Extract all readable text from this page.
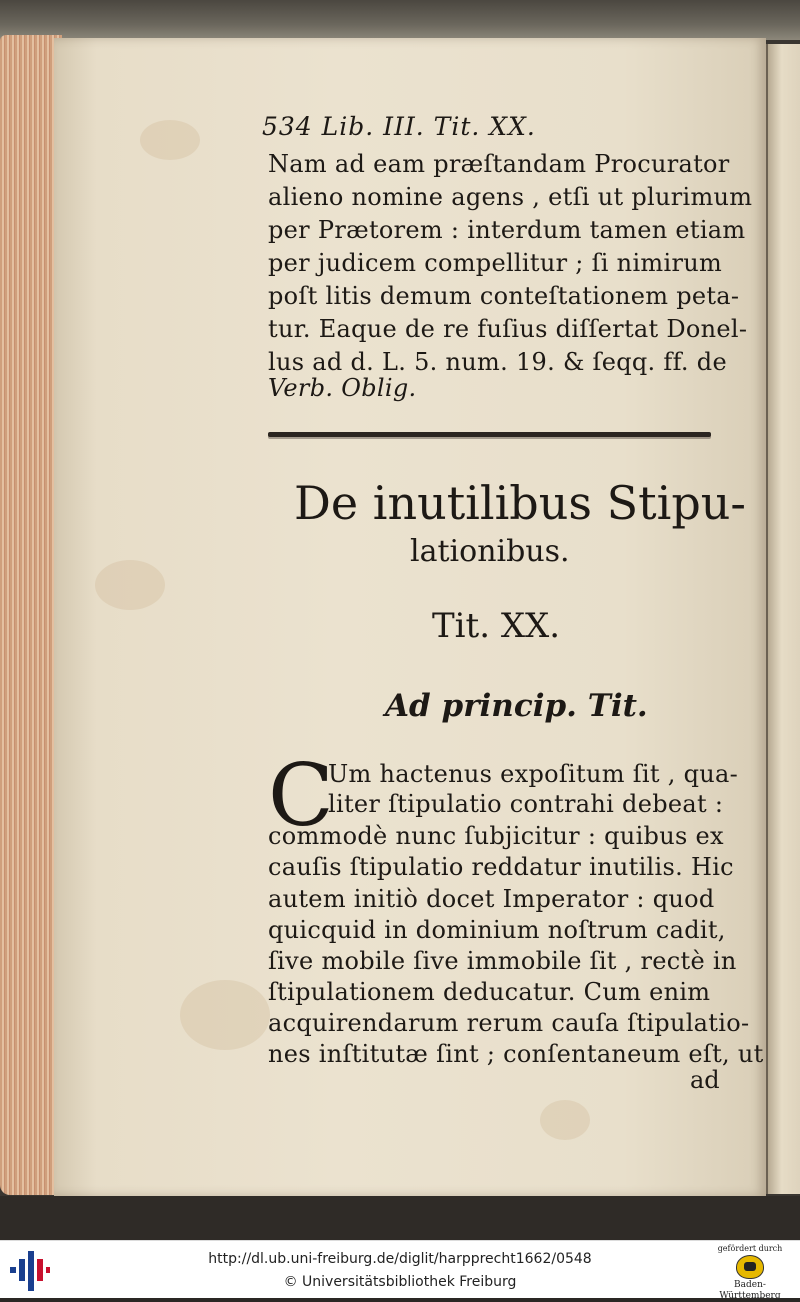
534 Lib. III. Tit. XX.
Nam ad eam præſtandam Procurator
alieno nomine agens , etſi ut plurimum
per Prætorem : interdum tamen etiam
per judicem compellitur ; ſi nimirum
poſt litis demum conteſtationem peta-
tur. Eaque de re fuſius diſſertat Donel-
lus ad d. L. 5. num. 19. & ſeqq. ff. de
Verb. Oblig.
De inutilibus Stipu-
lationibus.
Tit. XX.
Ad princip. Tit.
C
Um hactenus expoſitum ſit , qua-
liter ſtipulatio contrahi debeat :
commodè nunc ſubjicitur : quibus ex
cauſis ſtipulatio reddatur inutilis. Hic
autem initiò docet Imperator : quod
quicquid in dominium noſtrum cadit,
ſive mobile ſive immobile ſit , rectè in
ſtipulationem deducatur. Cum enim
acquirendarum rerum cauſa ſtipulatio-
nes inſtitutæ ſint ; conſentaneum eſt, ut
ad
http://dl.ub.uni-freiburg.de/diglit/harpprecht1662/0548
© Universitätsbibliothek Freiburg
gefördert durch
Baden-Württemberg
